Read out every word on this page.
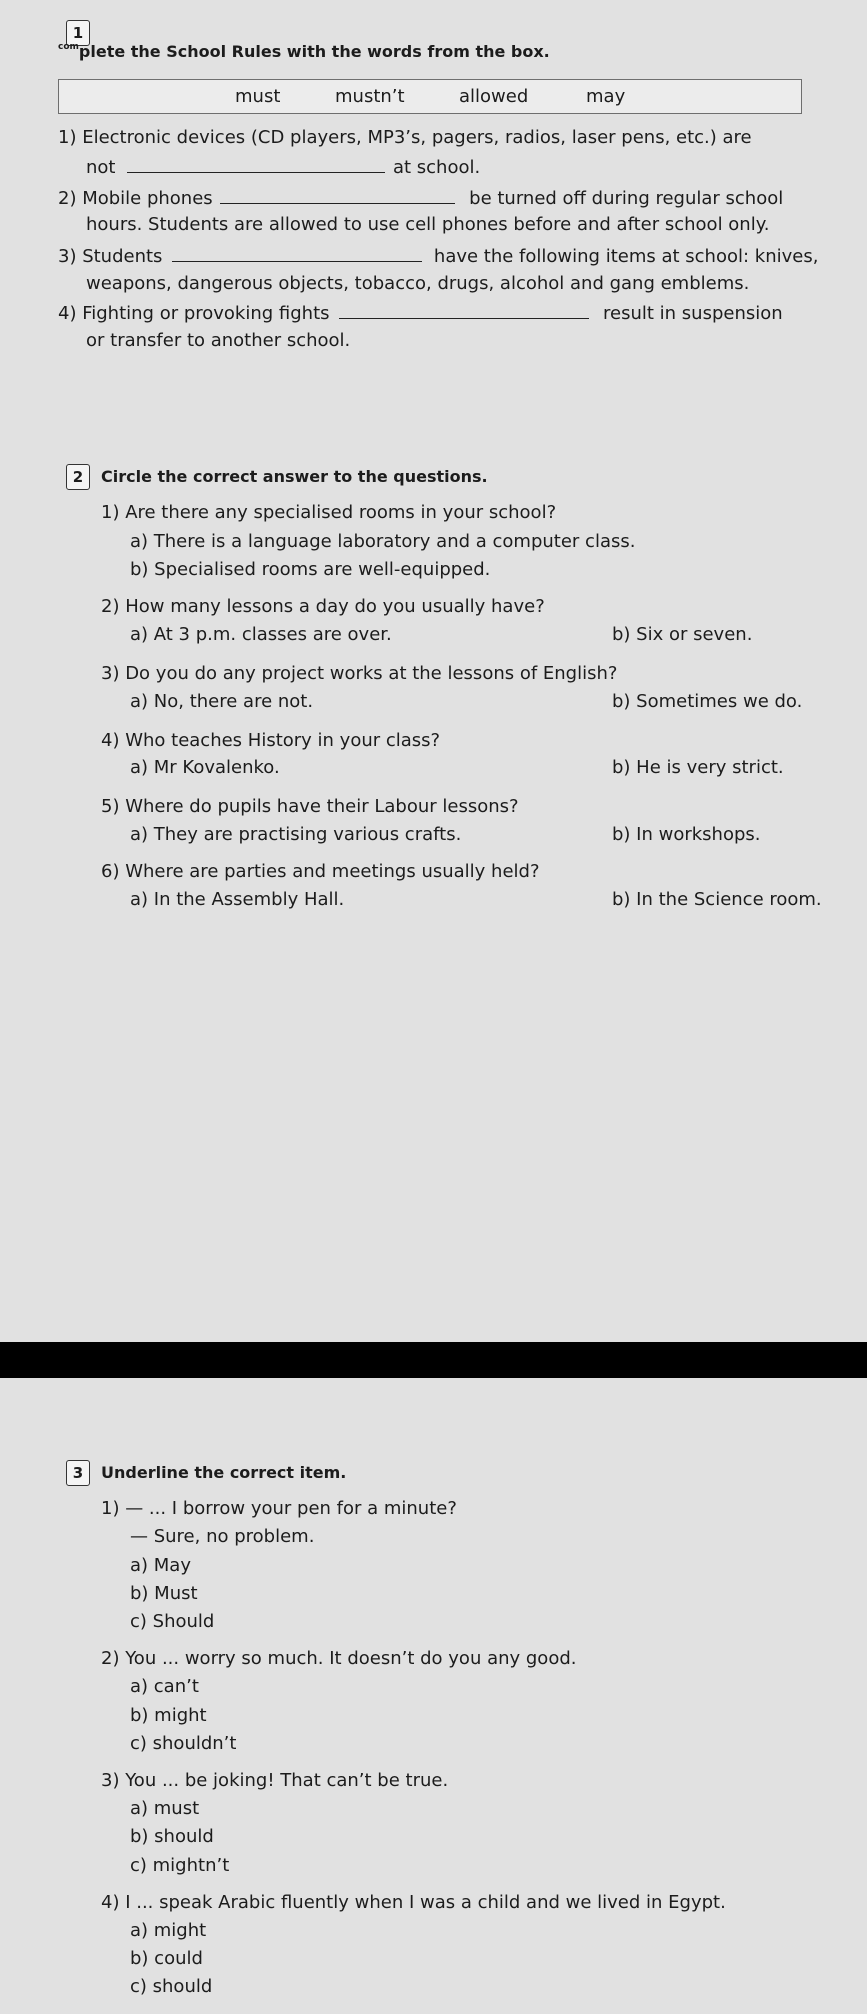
1
$^{com}$plete the School Rules with the words from the box.
must	mustn’t	allowed	may
1) Electronic devices (CD players, MP3’s, pagers, radios, laser pens, etc.) are
not	at school.
2) Mobile phones	be turned off during regular school
hours. Students are allowed to use cell phones before and after school only.
3) Students	have the following items at school: knives,
weapons, dangerous objects, tobacco, drugs, alcohol and gang emblems.
4) Fighting or provoking fights	result in suspension
or transfer to another school.
2	Circle the correct answer to the questions.
1) Are there any specialised rooms in your school?
a) There is a language laboratory and a computer class.
b) Specialised rooms are well-equipped.
2) How many lessons a day do you usually have?
a) At 3 p.m. classes are over.	b) Six or seven.
3) Do you do any project works at the lessons of English?
a) No, there are not.	b) Sometimes we do.
4) Who teaches History in your class?
a) Mr Kovalenko.	b) He is very strict.
5) Where do pupils have their Labour lessons?
a) They are practising various crafts.	b) In workshops.
6) Where are parties and meetings usually held?
a) In the Assembly Hall.	b) In the Science room.
3	Underline the correct item.
1) — ... I borrow your pen for a minute?
— Sure, no problem.
a) May
b) Must
c) Should
2) You ... worry so much. It doesn’t do you any good.
a) can’t
b) might
c) shouldn’t
3) You ... be joking! That can’t be true.
a) must
b) should
c) mightn’t
4) I ... speak Arabic fluently when I was a child and we lived in Egypt.
a) might
b) could
c) should
